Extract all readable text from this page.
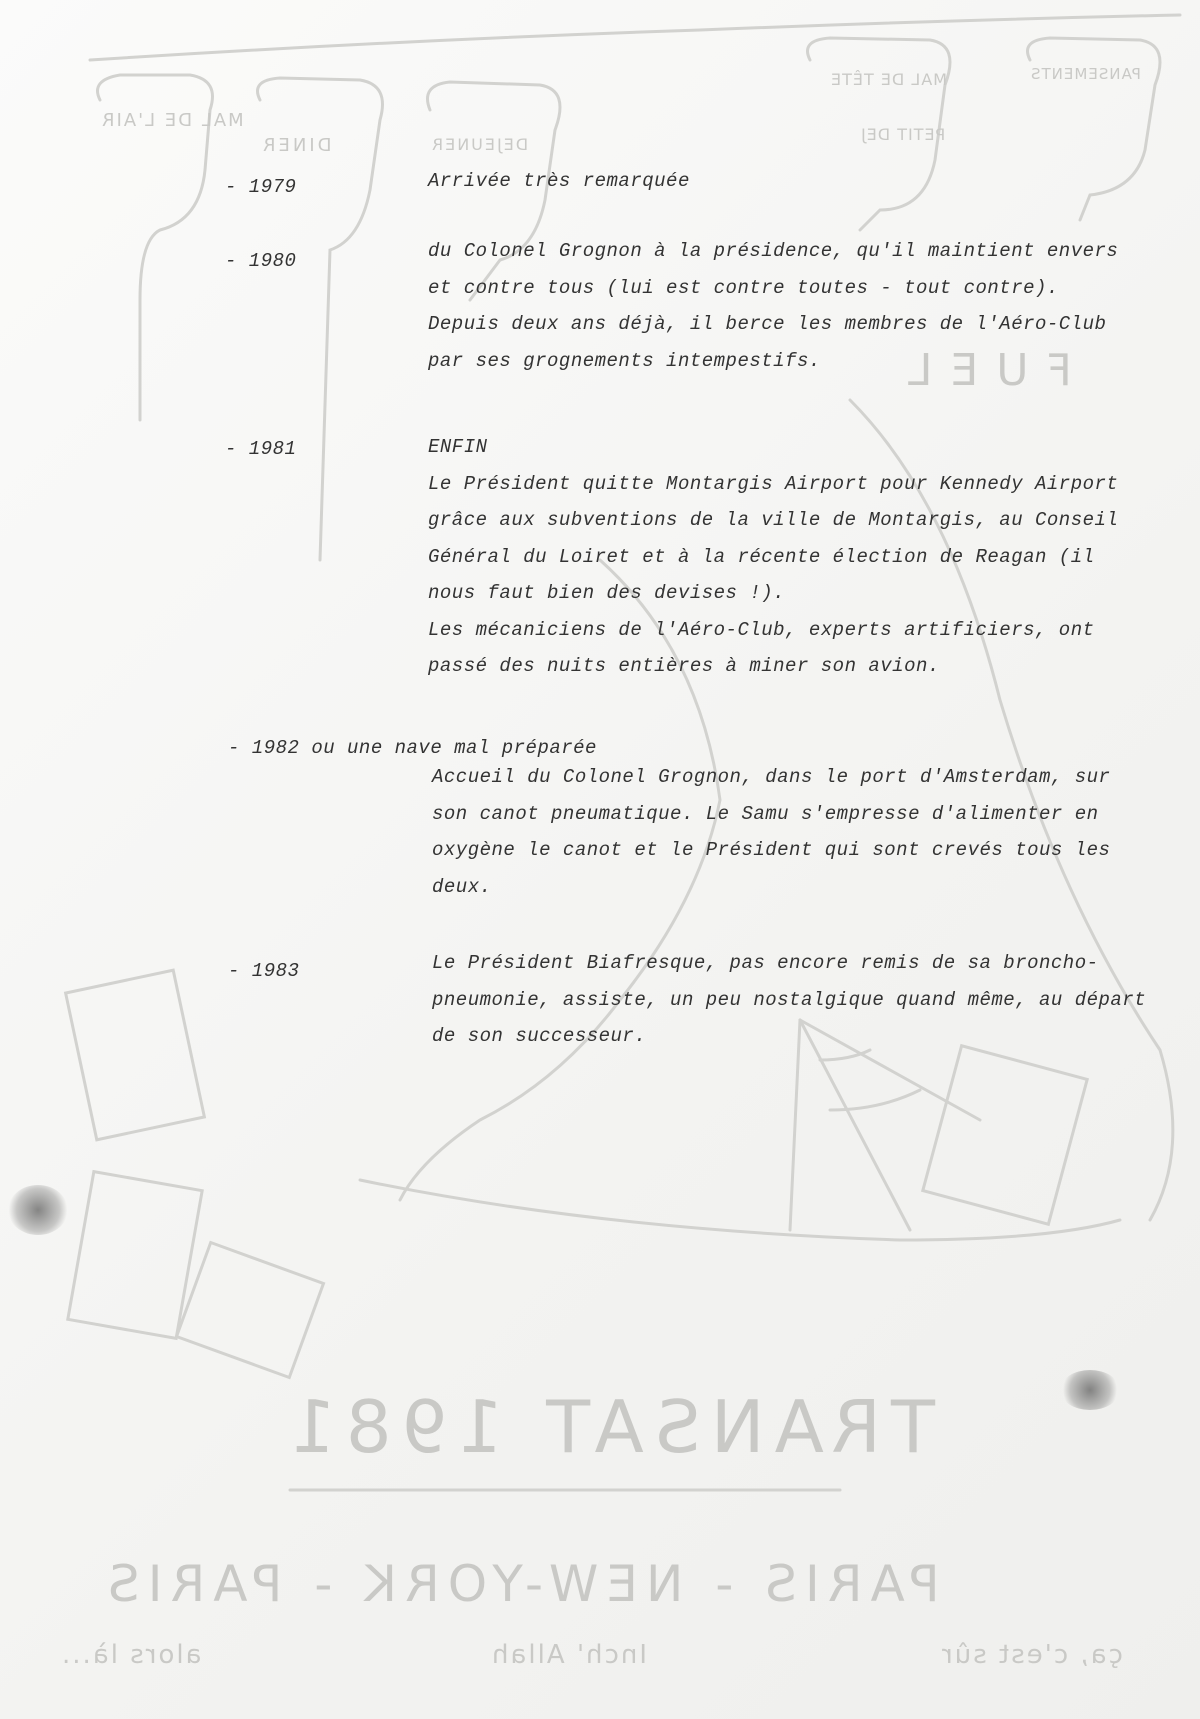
TRANSAT 1981
PARIS - NEW-YORK - PARIS
ça, c'est sûr
Inch' Allah
alors là...
FUEL
MAL DE L'AIR
DINER	DEJEUNER
PETIT DEJ
MAL DE TÊTE	PANSEMENTS
- 1979	Arrivée très remarquée
- 1980	du Colonel Grognon à la présidence, qu'il maintient envers
et contre tous (lui est contre toutes - tout contre).
Depuis deux ans déjà, il berce les membres de l'Aéro-Club
par ses grognements intempestifs.
- 1981	ENFIN
Le Président quitte Montargis Airport pour Kennedy Airport
grâce aux subventions de la ville de Montargis, au Conseil
Général du Loiret et à la récente élection de Reagan (il
nous faut bien des devises !).
Les mécaniciens de l'Aéro-Club, experts artificiers, ont
passé des nuits entières à miner son avion.
- 1982 ou une nave mal préparée
Accueil du Colonel Grognon, dans le port d'Amsterdam, sur
son canot pneumatique. Le Samu s'empresse d'alimenter en
oxygène le canot et le Président qui sont crevés tous les
deux.
- 1983	Le Président Biafresque, pas encore remis de sa broncho-
pneumonie, assiste, un peu nostalgique quand même, au départ
de son successeur.
